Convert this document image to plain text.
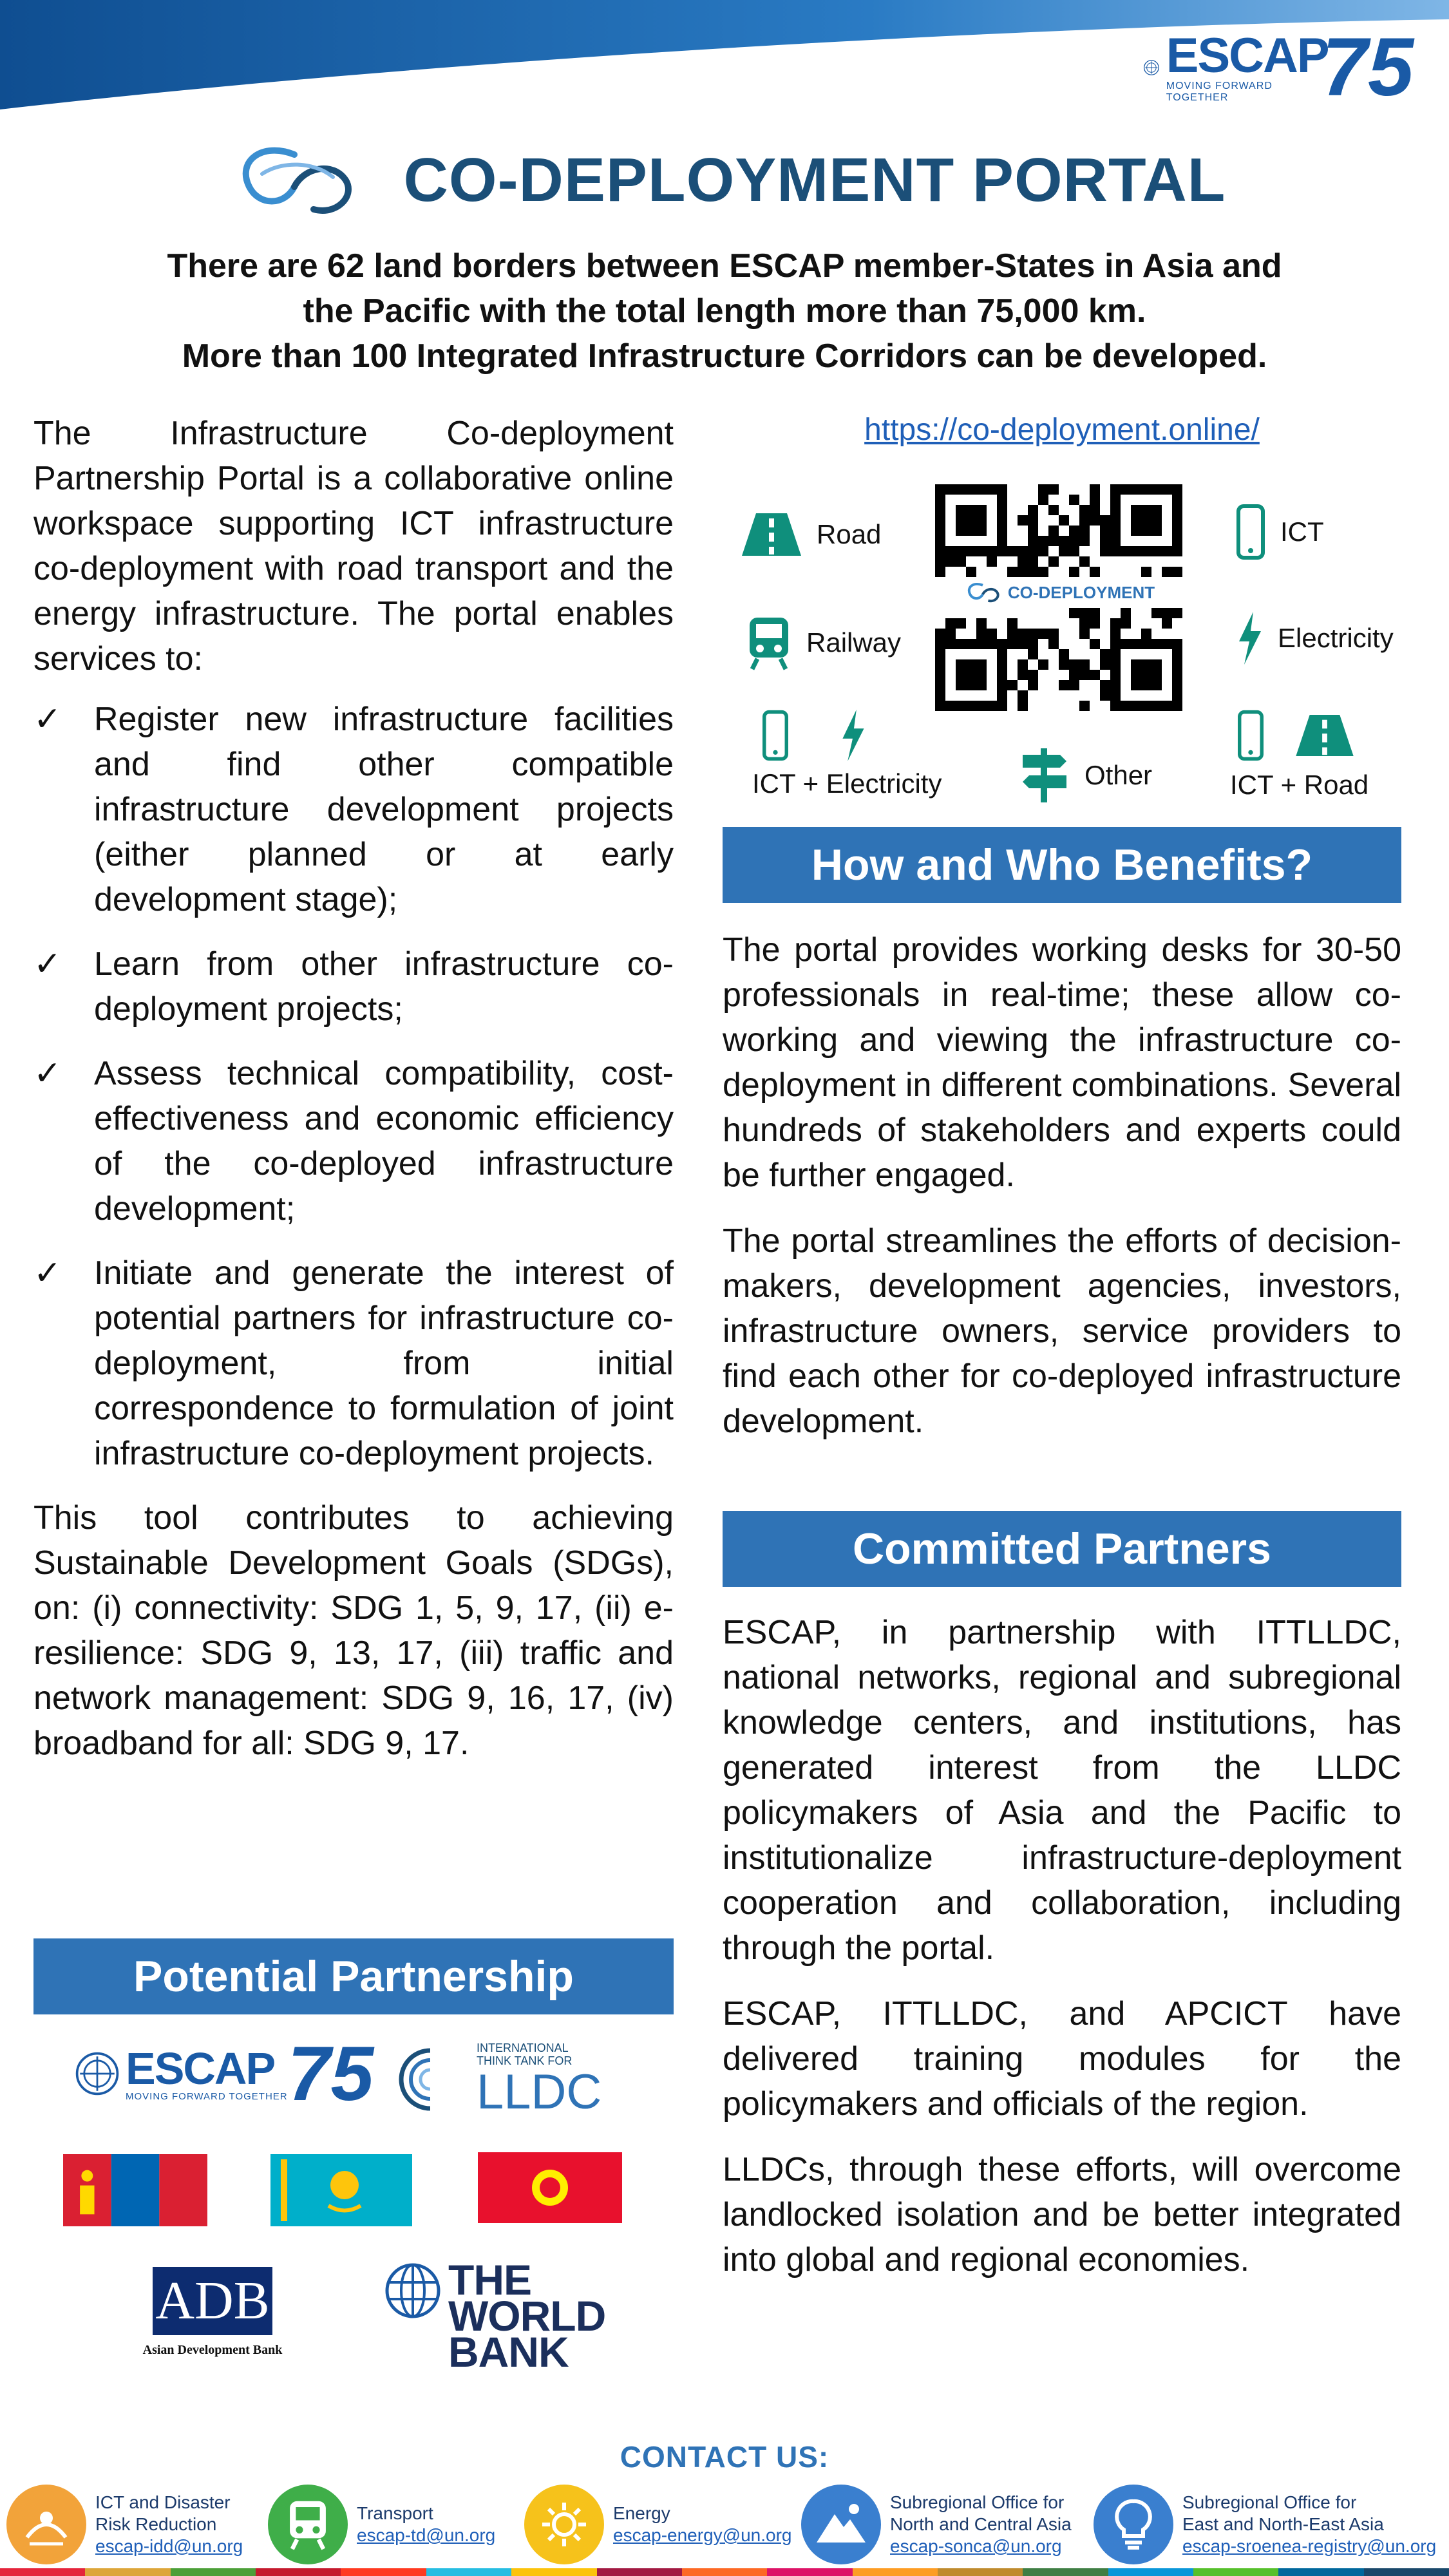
ESCAP
MOVING FORWARD TOGETHER	75
CO-DEPLOYMENT PORTAL
There are 62 land borders between ESCAP member-States in Asia and
the Pacific with the total length more than 75,000 km.
More than 100 Integrated Infrastructure Corridors can be developed.
The Infrastructure Co-deployment Partnership Portal is a collaborative online workspace supporting ICT infrastructure co-deployment with road transport and the energy infrastructure. The portal enables services to:
✓ Register new infrastructure facilities and find other compatible infrastructure development projects (either planned or at early development stage);
✓ Learn from other infrastructure co-deployment projects;
✓ Assess technical compatibility, cost-effectiveness and economic efficiency of the co-deployed infrastructure development;
✓ Initiate and generate the interest of potential partners for infrastructure co-deployment, from initial correspondence to formulation of joint infrastructure co-deployment projects.
This tool contributes to achieving Sustainable Development Goals (SDGs), on: (i) connectivity: SDG 1, 5, 9, 17, (ii) e-resilience: SDG 9, 13, 17, (iii) traffic and network management: SDG 9, 16, 17, (iv) broadband for all: SDG 9, 17.
Potential Partnership
ESCAP
MOVING FORWARD TOGETHER 75	INTERNATIONAL
THINK TANK FOR
LLDC
ADB
Asian Development Bank
THE
WORLD
BANK
https://co-deployment.online/
Road
Railway
ICT
Electricity
CO-DEPLOYMENT
ICT + Electricity	Other	ICT + Road
How and Who Benefits?
The portal provides working desks for 30-50 professionals in real-time; these allow co-working and viewing the infrastructure co-deployment in different combinations. Several hundreds of stakeholders and experts could be further engaged.
The portal streamlines the efforts of decision-makers, development agencies, investors, infrastructure owners, service providers to find each other for co-deployed infrastructure development.
Committed Partners
ESCAP, in partnership with ITTLLDC, national networks, regional and subregional knowledge centers, and institutions, has generated interest from the LLDC policymakers of Asia and the Pacific to institutionalize infrastructure-deployment cooperation and collaboration, including through the portal.
ESCAP, ITTLLDC, and APCICT have delivered training modules for the policymakers and officials of the region.
LLDCs, through these efforts, will overcome landlocked isolation and be better integrated into global and regional economies.
CONTACT US:
ICT and Disaster
Risk Reduction
escap-idd@un.org
Transport
escap-td@un.org
Energy
escap-energy@un.org
Subregional Office for
North and Central Asia
escap-sonca@un.org
Subregional Office for
East and North-East Asia
escap-sroenea-registry@un.org
